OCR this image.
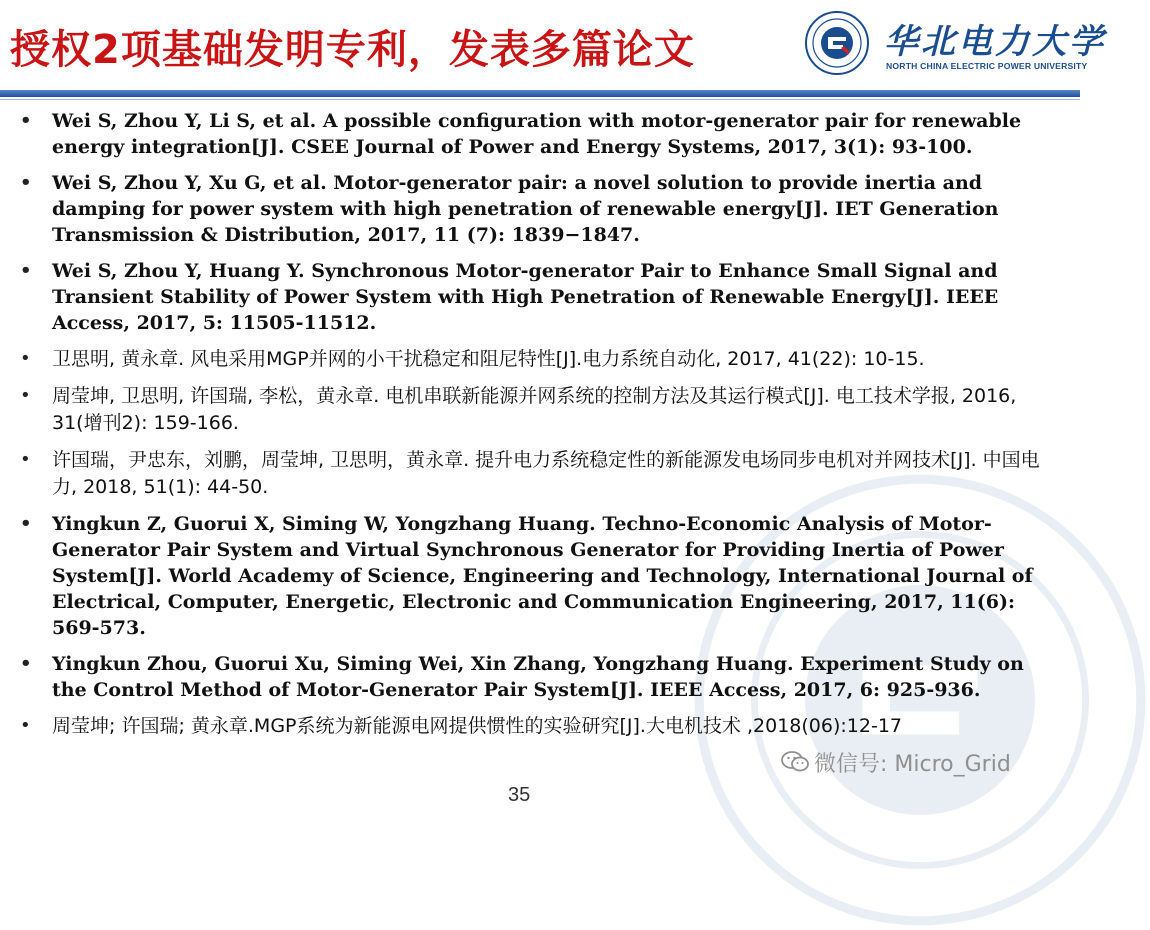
授权2项基础发明专利，发表多篇论文	华北电力大学
NORTH CHINA ELECTRIC POWER UNIVERSITY
• Wei S, Zhou Y, Li S, et al. A possible configuration with motor-generator pair for renewable energy integration[J]. CSEE Journal of Power and Energy Systems, 2017, 3(1): 93-100.
• Wei S, Zhou Y, Xu G, et al. Motor-generator pair: a novel solution to provide inertia and damping for power system with high penetration of renewable energy[J]. IET Generation Transmission & Distribution, 2017, 11 (7): 1839−1847.
• Wei S, Zhou Y, Huang Y. Synchronous Motor-generator Pair to Enhance Small Signal and Transient Stability of Power System with High Penetration of Renewable Energy[J]. IEEE Access, 2017, 5: 11505-11512.
• 卫思明, 黄永章. 风电采用MGP并网的小干扰稳定和阻尼特性[J].电力系统自动化, 2017, 41(22): 10-15.
• 周莹坤, 卫思明, 许国瑞, 李松，黄永章. 电机串联新能源并网系统的控制方法及其运行模式[J]. 电工技术学报, 2016, 31(增刊2): 159-166.
• 许国瑞，尹忠东，刘鹏，周莹坤, 卫思明，黄永章. 提升电力系统稳定性的新能源发电场同步电机对并网技术[J]. 中国电力, 2018, 51(1): 44-50.
• Yingkun Z, Guorui X, Siming W, Yongzhang Huang. Techno-Economic Analysis of Motor-Generator Pair System and Virtual Synchronous Generator for Providing Inertia of Power System[J]. World Academy of Science, Engineering and Technology, International Journal of Electrical, Computer, Energetic, Electronic and Communication Engineering, 2017, 11(6): 569-573.
• Yingkun Zhou, Guorui Xu, Siming Wei, Xin Zhang, Yongzhang Huang. Experiment Study on the Control Method of Motor-Generator Pair System[J]. IEEE Access, 2017, 6: 925-936.
• 周莹坤; 许国瑞; 黄永章.MGP系统为新能源电网提供惯性的实验研究[J].大电机技术 ,2018(06):12-17
35
微信号: Micro_Grid
